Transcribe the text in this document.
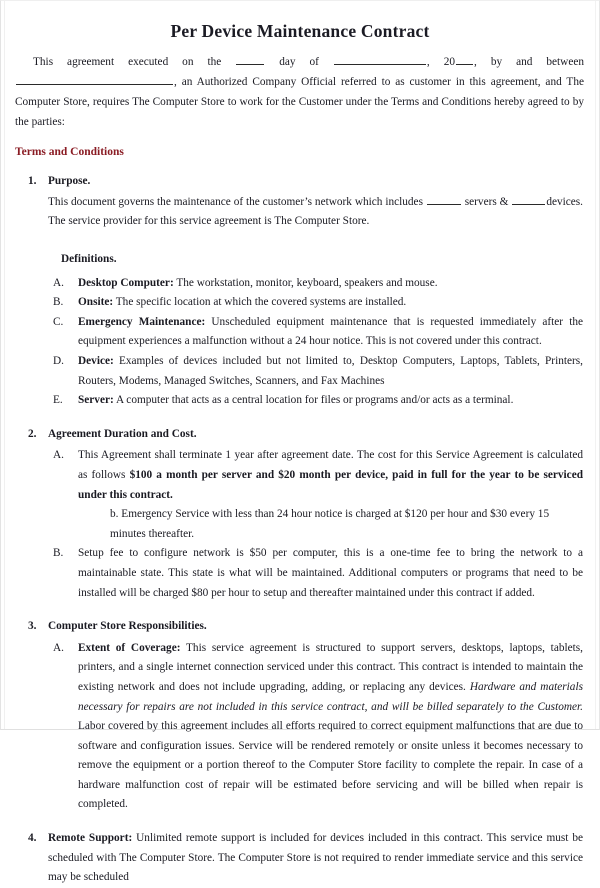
Per Device Maintenance Contract

This agreement executed on the	day of	, 20 , by and between
, an Authorized Company Official referred to as customer in this agreement, and The Computer Store, requires The Computer Store to work for the Customer under the Terms and Conditions hereby agreed to by the parties:

Terms and Conditions
1. Purpose.
This document governs the maintenance of the customer’s network which includes	servers &	devices. The service provider for this service agreement is The Computer Store.
Definitions.
A. Desktop Computer: The workstation, monitor, keyboard, speakers and mouse.
B. Onsite: The specific location at which the covered systems are installed.
C. Emergency Maintenance: Unscheduled equipment maintenance that is requested immediately after the equipment experiences a malfunction without a 24 hour notice. This is not covered under this contract.
D. Device: Examples of devices included but not limited to, Desktop Computers, Laptops, Tablets, Printers, Routers, Modems, Managed Switches, Scanners, and Fax Machines
E. Server: A computer that acts as a central location for files or programs and/or acts as a terminal.
2. Agreement Duration and Cost.
A. This Agreement shall terminate 1 year after agreement date. The cost for this Service Agreement is calculated as follows $100 a month per server and $20 month per device, paid in full for the year to be serviced under this contract.
b. Emergency Service with less than 24 hour notice is charged at $120 per hour and $30 every 15 minutes thereafter.
B. Setup fee to configure network is $50 per computer, this is a one-time fee to bring the network to a maintainable state. This state is what will be maintained. Additional computers or programs that need to be installed will be charged $80 per hour to setup and thereafter maintained under this contract if added.
3. Computer Store Responsibilities.
A. Extent of Coverage: This service agreement is structured to support servers, desktops, laptops, tablets, printers, and a single internet connection serviced under this contract. This contract is intended to maintain the existing network and does not include upgrading, adding, or replacing any devices. Hardware and materials necessary for repairs are not included in this service contract, and will be billed separately to the Customer. Labor covered by this agreement includes all efforts required to correct equipment malfunctions that are due to software and configuration issues. Service will be rendered remotely or onsite unless it becomes necessary to remove the equipment or a portion thereof to the Computer Store facility to complete the repair. In case of a hardware malfunction cost of repair will be estimated before servicing and will be billed when repair is completed.
4. Remote Support: Unlimited remote support is included for devices included in this contract. This service must be scheduled with The Computer Store. The Computer Store is not required to render immediate service and this service may be scheduled
